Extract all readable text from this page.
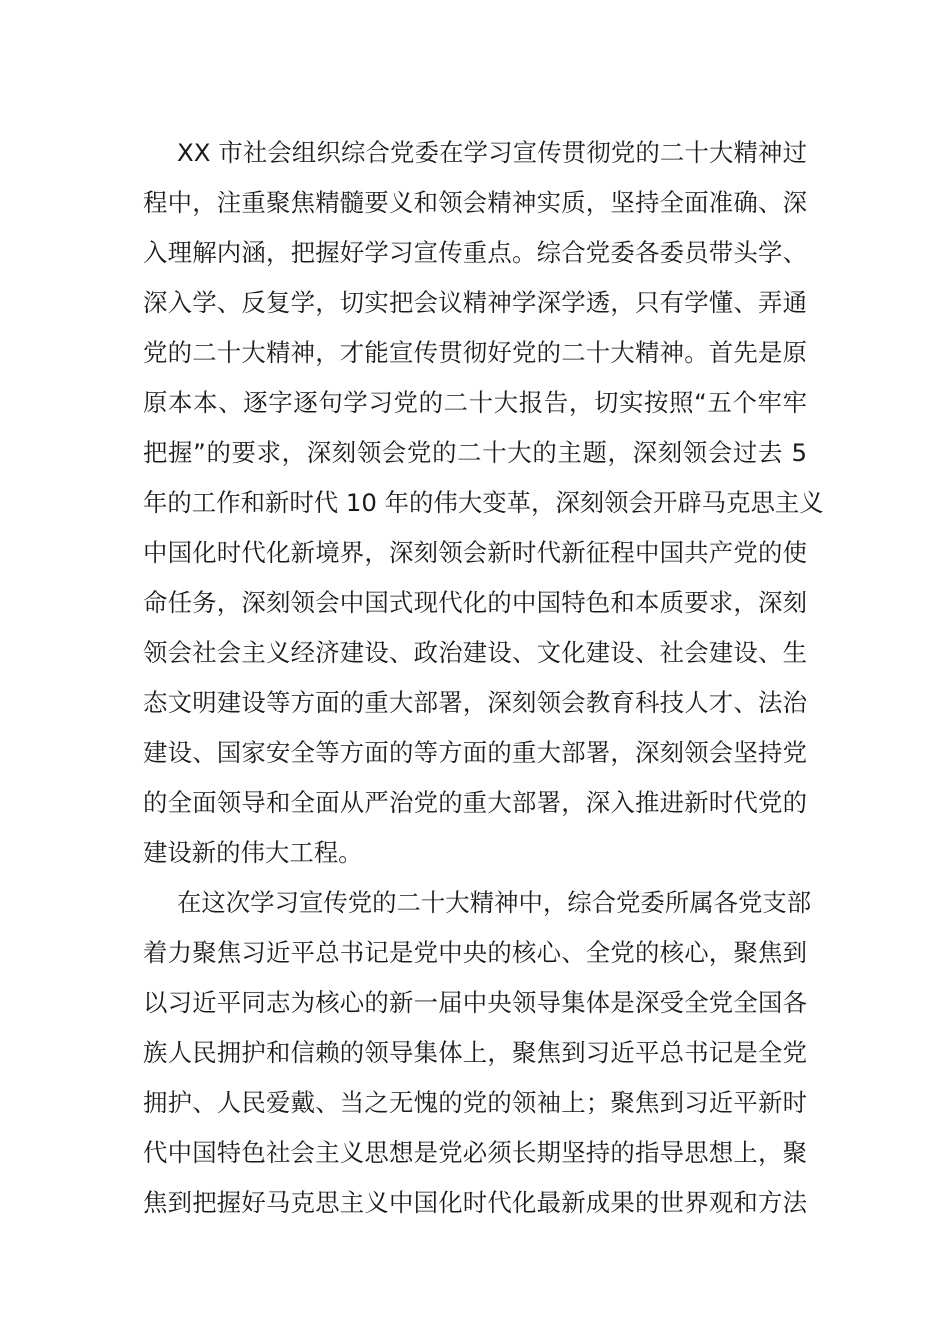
XX 市社会组织综合党委在学习宣传贯彻党的二十大精神过
程中，注重聚焦精髓要义和领会精神实质，坚持全面准确、深
入理解内涵，把握好学习宣传重点。综合党委各委员带头学、
深入学、反复学，切实把会议精神学深学透，只有学懂、弄通
党的二十大精神，才能宣传贯彻好党的二十大精神。首先是原
原本本、逐字逐句学习党的二十大报告，切实按照“五个牢牢
把握”的要求，深刻领会党的二十大的主题，深刻领会过去 5
年的工作和新时代 10 年的伟大变革，深刻领会开辟马克思主义
中国化时代化新境界，深刻领会新时代新征程中国共产党的使
命任务，深刻领会中国式现代化的中国特色和本质要求，深刻
领会社会主义经济建设、政治建设、文化建设、社会建设、生
态文明建设等方面的重大部署，深刻领会教育科技人才、法治
建设、国家安全等方面的等方面的重大部署，深刻领会坚持党
的全面领导和全面从严治党的重大部署，深入推进新时代党的
建设新的伟大工程。
在这次学习宣传党的二十大精神中，综合党委所属各党支部
着力聚焦习近平总书记是党中央的核心、全党的核心，聚焦到
以习近平同志为核心的新一届中央领导集体是深受全党全国各
族人民拥护和信赖的领导集体上，聚焦到习近平总书记是全党
拥护、人民爱戴、当之无愧的党的领袖上；聚焦到习近平新时
代中国特色社会主义思想是党必须长期坚持的指导思想上，聚
焦到把握好马克思主义中国化时代化最新成果的世界观和方法
